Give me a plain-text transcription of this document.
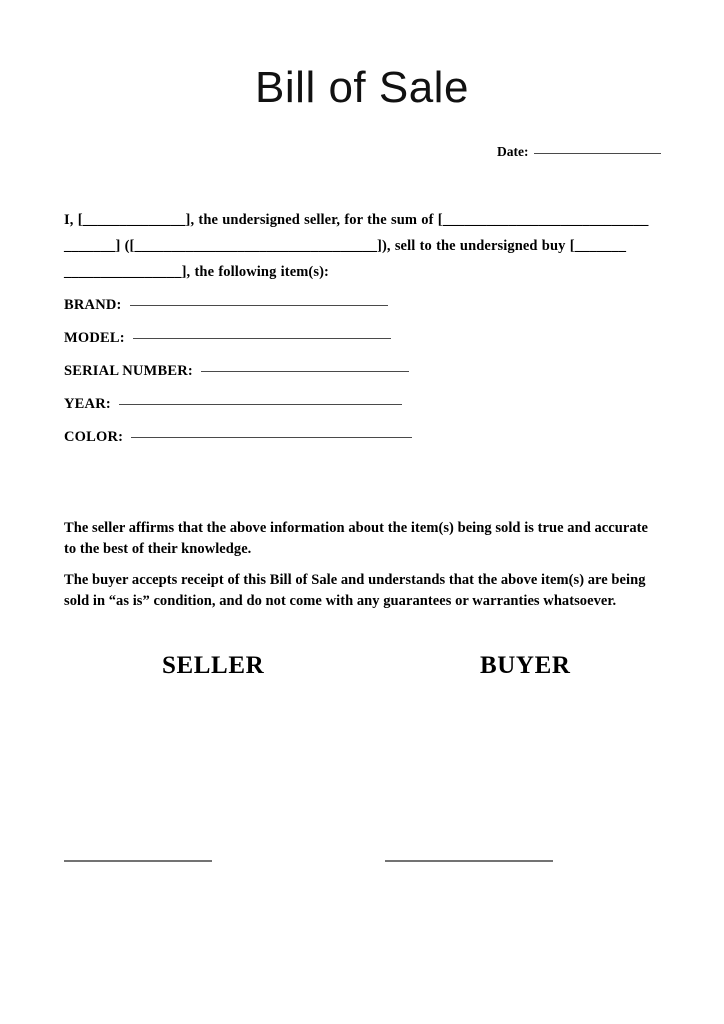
Bill of Sale
Date:
I, [______________], the undersigned seller, for the sum of [____________________________
_______] ([_________________________________]), sell to the undersigned buy [_______
________________], the following item(s):
BRAND:
MODEL:
SERIAL NUMBER:
YEAR:
COLOR:
The seller affirms that the above information about the item(s) being sold is true and accurate to the best of their knowledge.
The buyer accepts receipt of this Bill of Sale and understands that the above item(s) are being sold in “as is” condition, and do not come with any guarantees or warranties whatsoever.
SELLER	BUYER
